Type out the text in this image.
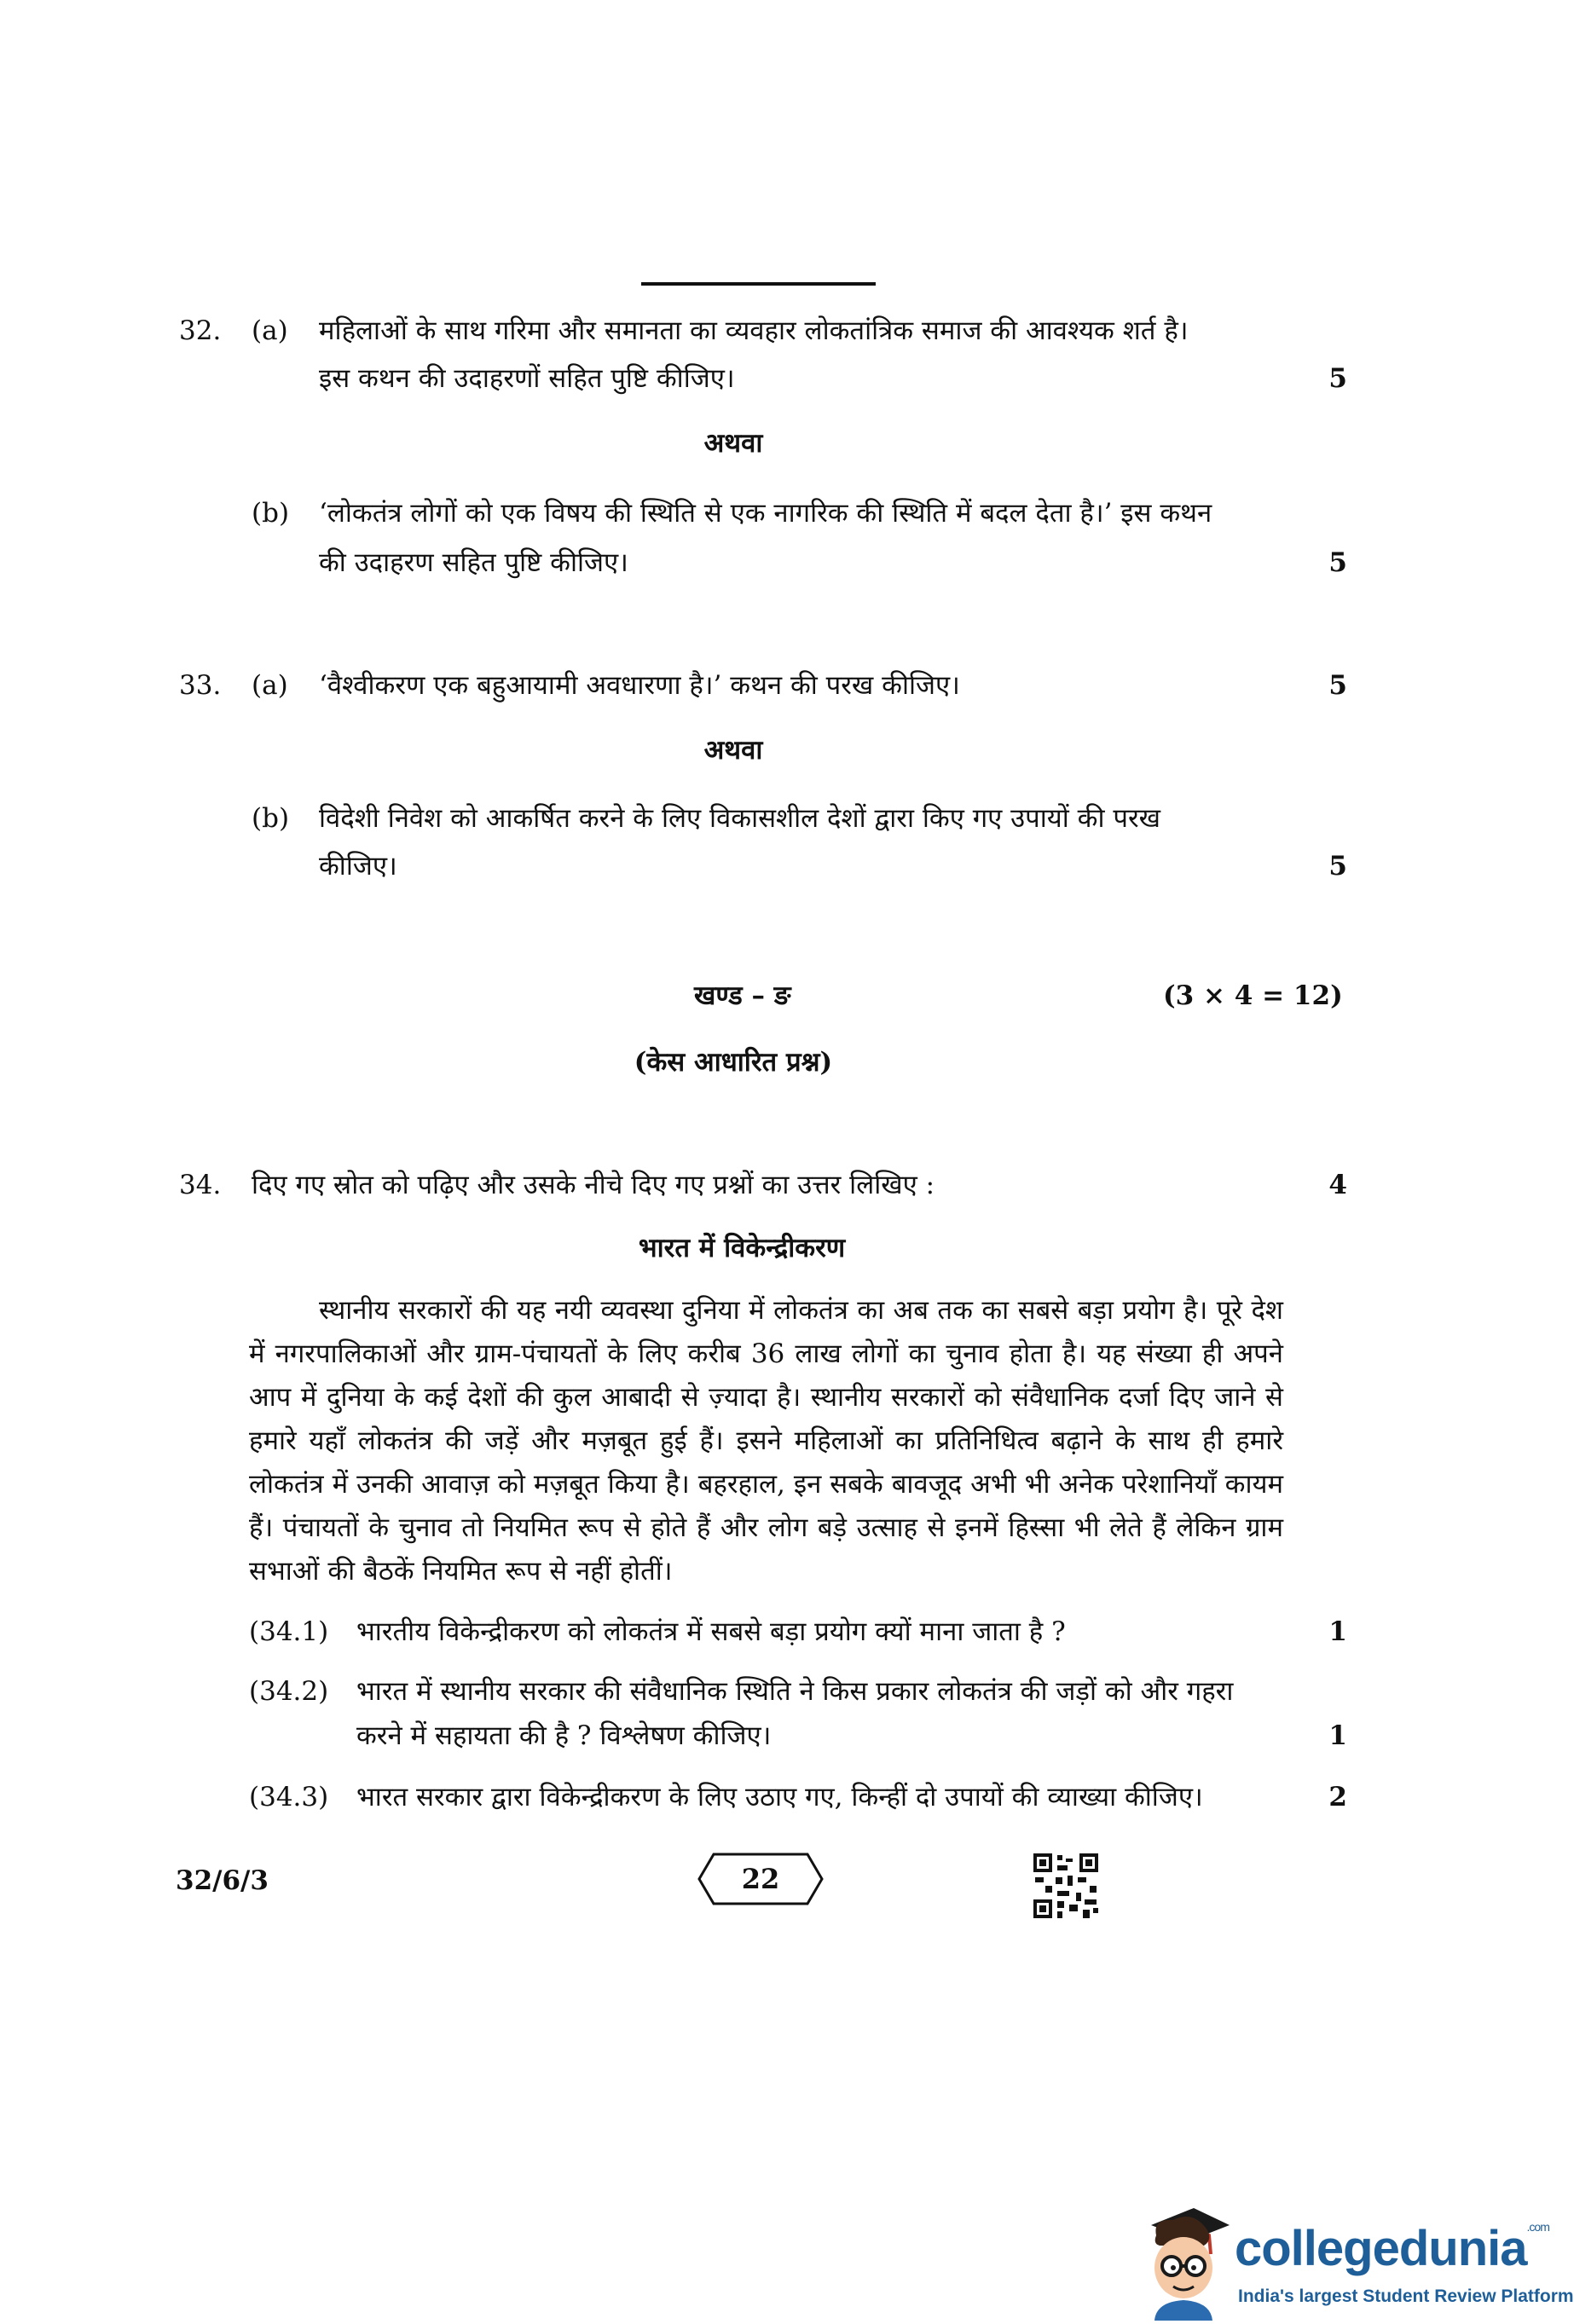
32. (a) महिलाओं के साथ गरिमा और समानता का व्यवहार लोकतांत्रिक समाज की आवश्यक शर्त है।
इस कथन की उदाहरणों सहित पुष्टि कीजिए।	5
अथवा
(b) ‘लोकतंत्र लोगों को एक विषय की स्थिति से एक नागरिक की स्थिति में बदल देता है।’ इस कथन
की उदाहरण सहित पुष्टि कीजिए।	5
33. (a) ‘वैश्वीकरण एक बहुआयामी अवधारणा है।’ कथन की परख कीजिए।	5
अथवा
(b) विदेशी निवेश को आकर्षित करने के लिए विकासशील देशों द्वारा किए गए उपायों की परख
कीजिए।	5
खण्ड – ङ	(3 × 4 = 12)
(केस आधारित प्रश्न)
34. दिए गए स्रोत को पढ़िए और उसके नीचे दिए गए प्रश्नों का उत्तर लिखिए :	4
भारत में विकेन्द्रीकरण
स्थानीय सरकारों की यह नयी व्यवस्था दुनिया में लोकतंत्र का अब तक का सबसे बड़ा प्रयोग है। पूरे देश में नगरपालिकाओं और ग्राम-पंचायतों के लिए करीब 36 लाख लोगों का चुनाव होता है। यह संख्या ही अपने आप में दुनिया के कई देशों की कुल आबादी से ज़्यादा है। स्थानीय सरकारों को संवैधानिक दर्जा दिए जाने से हमारे यहाँ लोकतंत्र की जड़ें और मज़बूत हुई हैं। इसने महिलाओं का प्रतिनिधित्व बढ़ाने के साथ ही हमारे लोकतंत्र में उनकी आवाज़ को मज़बूत किया है। बहरहाल, इन सबके बावजूद अभी भी अनेक परेशानियाँ कायम हैं। पंचायतों के चुनाव तो नियमित रूप से होते हैं और लोग बड़े उत्साह से इनमें हिस्सा भी लेते हैं लेकिन ग्राम सभाओं की बैठकें नियमित रूप से नहीं होतीं।
(34.1) भारतीय विकेन्द्रीकरण को लोकतंत्र में सबसे बड़ा प्रयोग क्यों माना जाता है ?	1
(34.2) भारत में स्थानीय सरकार की संवैधानिक स्थिति ने किस प्रकार लोकतंत्र की जड़ों को और गहरा
करने में सहायता की है ? विश्लेषण कीजिए।	1
(34.3) भारत सरकार द्वारा विकेन्द्रीकरण के लिए उठाए गए, किन्हीं दो उपायों की व्याख्या कीजिए।	2
32/6/3	22
collegedunia$^{.com}$
India's largest Student Review Platform
